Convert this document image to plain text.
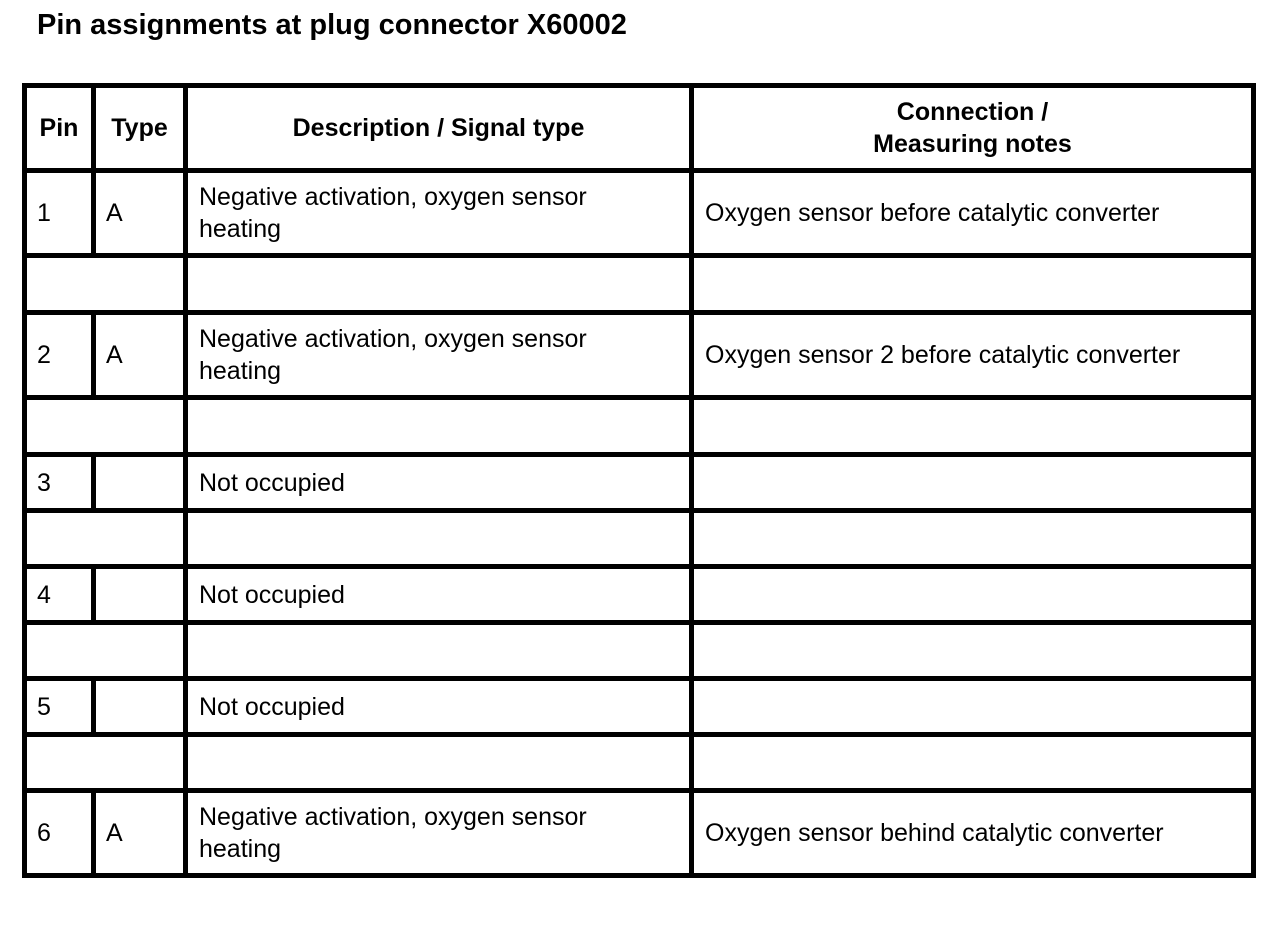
Pin assignments at plug connector X60002
Pin	Type	Description / Signal type	Connection /
Measuring notes

1	A	Negative activation, oxygen sensor
heating	Oxygen sensor before catalytic converter

2	A	Negative activation, oxygen sensor
heating	Oxygen sensor 2 before catalytic converter

3		Not occupied	

4		Not occupied	

5		Not occupied	

6	A	Negative activation, oxygen sensor
heating	Oxygen sensor behind catalytic converter
